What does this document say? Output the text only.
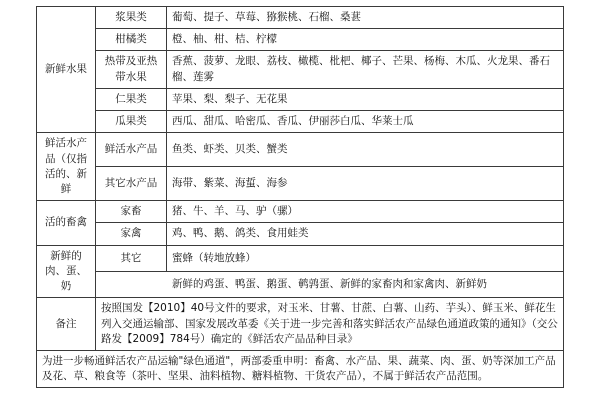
新鲜水果	浆果类	葡萄、提子、草莓、猕猴桃、石榴、桑葚
	柑橘类	橙、柚、柑、桔、柠檬
	热带及亚热带水果	香蕉、菠萝、龙眼、荔枝、橄榄、枇杷、椰子、芒果、杨梅、木瓜、火龙果、番石榴、莲雾
	仁果类	苹果、梨、梨子、无花果
	瓜果类	西瓜、甜瓜、哈密瓜、香瓜、伊丽莎白瓜、华莱士瓜
鲜活水产品（仅指活的、新鲜	鲜活水产品	鱼类、虾类、贝类、蟹类
	其它水产品	海带、紫菜、海蜇、海参
活的畜禽	家畜	猪、牛、羊、马、驴（骡）
	家禽	鸡、鸭、鹅、鸽类、食用蛙类
新鲜的肉、蛋、奶	其它	蜜蜂（转地放蜂）
	新鲜的鸡蛋、鸭蛋、鹅蛋、鹌鹑蛋、新鲜的家畜肉和家禽肉、新鲜奶	
备注	按照国发【2010】40号文件的要求，对玉米、甘薯、甘蔗、白薯、山药、芋头）、鲜玉米、鲜花生列入交通运输部、国家发展改革委《关于进一步完善和落实鲜活农产品绿色通道政策的通知》（交公路发【2009】784号）确定的《鲜活农产品品种目录》	
为进一步畅通鲜活农产品运输"绿色通道"，两部委重申明：畜禽、水产品、果、蔬菜、肉、蛋、奶等深加工产品及花、草、粮食等（茶叶、坚果、油料植物、糖料植物、干货农产品），不属于鲜活农产品范围。		
